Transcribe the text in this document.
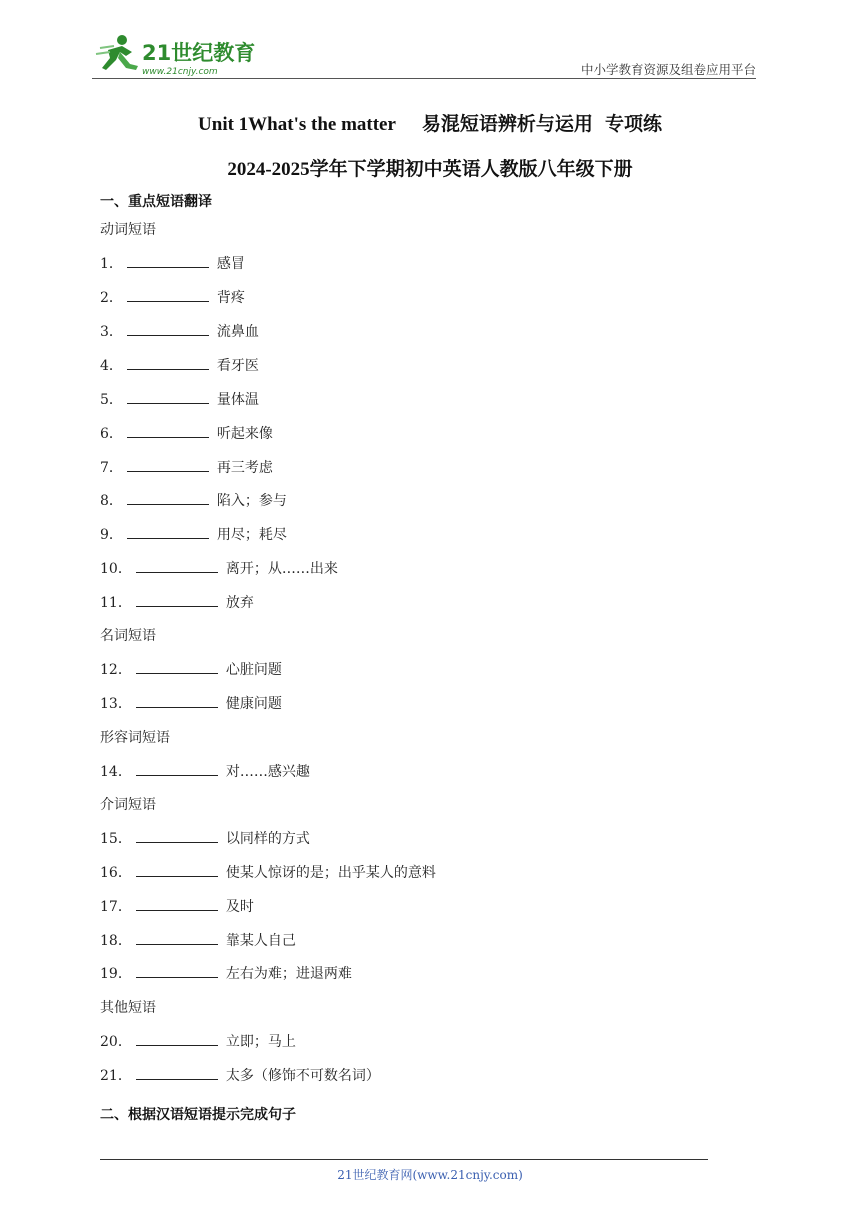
21世纪教育
www.21cnjy.com	中小学教育资源及组卷应用平台
Unit 1What's the matter 易混短语辨析与运用 专项练
2024-2025学年下学期初中英语人教版八年级下册
一、重点短语翻译
动词短语
1．	感冒
2．	背疼
3．	流鼻血
4．	看牙医
5．	量体温
6．	听起来像
7．	再三考虑
8．	陷入；参与
9．	用尽；耗尽
10．	离开；从……出来
11．	放弃
名词短语
12．	心脏问题
13．	健康问题
形容词短语
14．	对……感兴趣
介词短语
15．	以同样的方式
16．	使某人惊讶的是；出乎某人的意料
17．	及时
18．	靠某人自己
19．	左右为难；进退两难
其他短语
20．	立即；马上
21．	太多（修饰不可数名词）
二、根据汉语短语提示完成句子
21世纪教育网(www.21cnjy.com)
